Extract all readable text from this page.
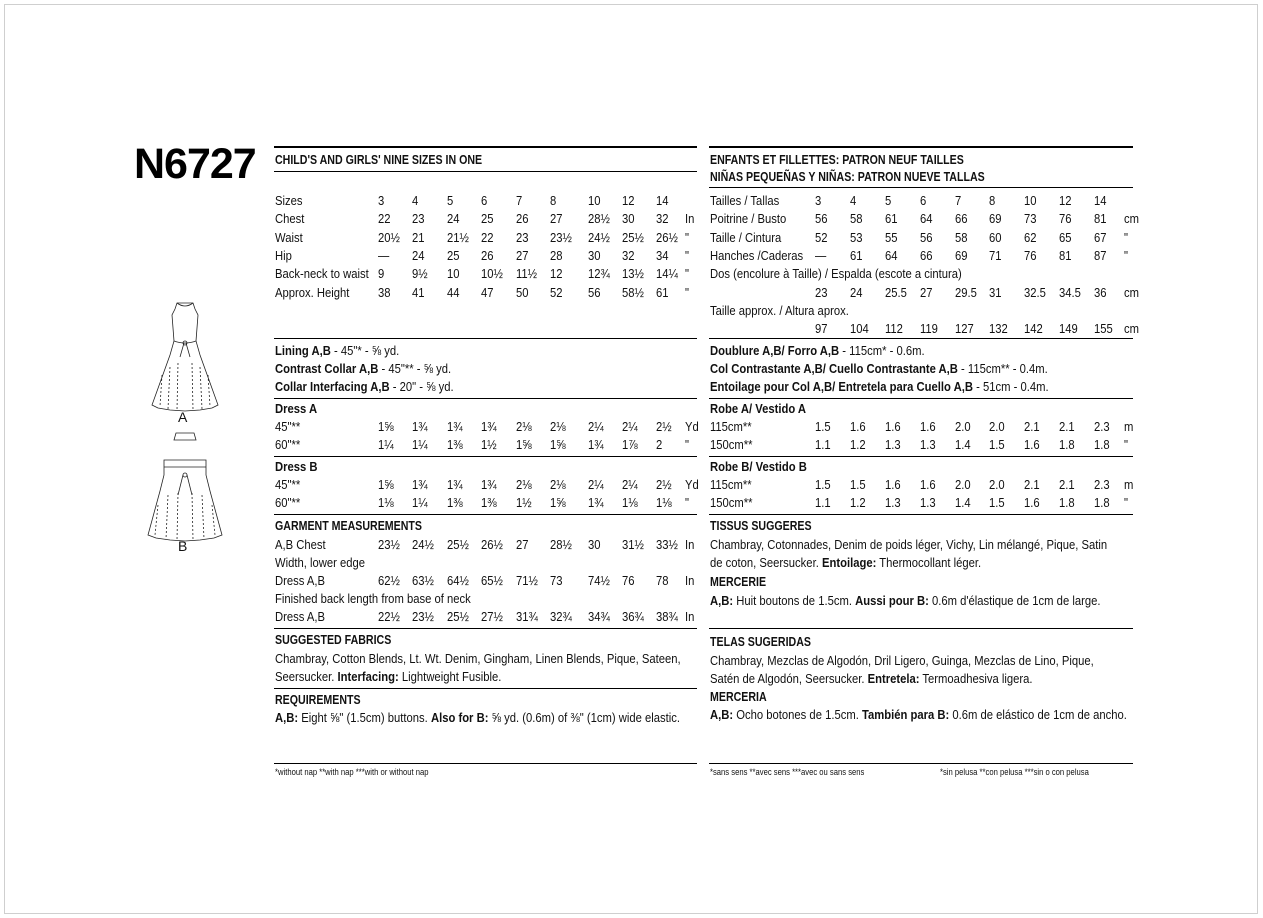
N6727
A
B
CHILD'S AND GIRLS' NINE SIZES IN ONE
Sizes	3 4 5 6 7 8	10 12 14
Chest	22 23 24 25 26 27 28½ 30 32 In
Waist	20½ 21 21½ 22 23 23½ 24½ 25½ 26½ "
Hip	— 24 25 26 27 28 30 32 34 "
Back-neck to waist 9 9½ 10 10½ 11½ 12 12¾ 13½ 14¼ "
Approx. Height 38 41 44 47 50 52 56 58½ 61 "
Lining A,B - 45"* - ⅝ yd.
Contrast Collar A,B - 45"** - ⅝ yd.
Collar Interfacing A,B - 20" - ⅝ yd.
Dress A
45"**	1⅝ 1¾ 1¾ 1¾ 2⅛ 2⅛ 2¼ 2¼ 2½ Yd
60"**	1¼ 1¼ 1⅜ 1½ 1⅝ 1⅝ 1¾ 1⅞ 2 "
Dress B
45"**	1⅝ 1¾ 1¾ 1¾ 2⅛ 2⅛ 2¼ 2¼ 2½ Yd
60"**	1⅛ 1¼ 1⅜ 1⅜ 1½ 1⅝ 1¾ 1⅛ 1⅛ "
GARMENT MEASUREMENTS
A,B Chest	23½ 24½ 25½ 26½ 27 28½ 30 31½ 33½ In
Width, lower edge
Dress A,B	62½ 63½ 64½ 65½ 71½ 73 74½ 76 78 In
Finished back length from base of neck
Dress A,B	22½ 23½ 25½ 27½ 31¾ 32¾ 34¾ 36¾ 38¾ In
SUGGESTED FABRICS
Chambray, Cotton Blends, Lt. Wt. Denim, Gingham, Linen Blends, Pique, Sateen,
Seersucker. Interfacing: Lightweight Fusible.
REQUIREMENTS
A,B: Eight ⅝" (1.5cm) buttons. Also for B: ⅝ yd. (0.6m) of ⅜" (1cm) wide elastic.
*without nap **with nap ***with or without nap
ENFANTS ET FILLETTES: PATRON NEUF TAILLES
NIÑAS PEQUEÑAS Y NIÑAS: PATRON NUEVE TALLAS
Tailles / Tallas	3 4 5 6 7 8 10 12 14
Poitrine / Busto 56 58 61 64 66 69 73 76 81 cm
Taille / Cintura	52 53 55 56 58 60 62 65 67 "
Hanches /Caderas — 61 64 66 69 71 76 81 87 "
Dos (encolure à Taille) / Espalda (escote a cintura)
23 24 25.5 27 29.5 31 32.5 34.5 36 cm
Taille approx. / Altura aprox.
97 104 112 119 127 132 142 149 155 cm
Doublure A,B/ Forro A,B - 115cm* - 0.6m.
Col Contrastante A,B/ Cuello Contrastante A,B - 115cm** - 0.4m.
Entoilage pour Col A,B/ Entretela para Cuello A,B - 51cm - 0.4m.
Robe A/ Vestido A
115cm**	1.5 1.6 1.6 1.6 2.0 2.0 2.1 2.1 2.3 m
150cm**	1.1 1.2 1.3 1.3 1.4 1.5 1.6 1.8 1.8 "
Robe B/ Vestido B
115cm**	1.5 1.5 1.6 1.6 2.0 2.0 2.1 2.1 2.3 m
150cm**	1.1 1.2 1.3 1.3 1.4 1.5 1.6 1.8 1.8 "
TISSUS SUGGERES
Chambray, Cotonnades, Denim de poids léger, Vichy, Lin mélangé, Pique, Satin
de coton, Seersucker. Entoilage: Thermocollant léger.
MERCERIE
A,B: Huit boutons de 1.5cm. Aussi pour B: 0.6m d'élastique de 1cm de large.
TELAS SUGERIDAS
Chambray, Mezclas de Algodón, Dril Ligero, Guinga, Mezclas de Lino, Pique,
Satén de Algodón, Seersucker. Entretela: Termoadhesiva ligera.
MERCERIA
A,B: Ocho botones de 1.5cm. También para B: 0.6m de elástico de 1cm de ancho.
*sans sens **avec sens ***avec ou sans sens	*sin pelusa **con pelusa ***sin o con pelusa
